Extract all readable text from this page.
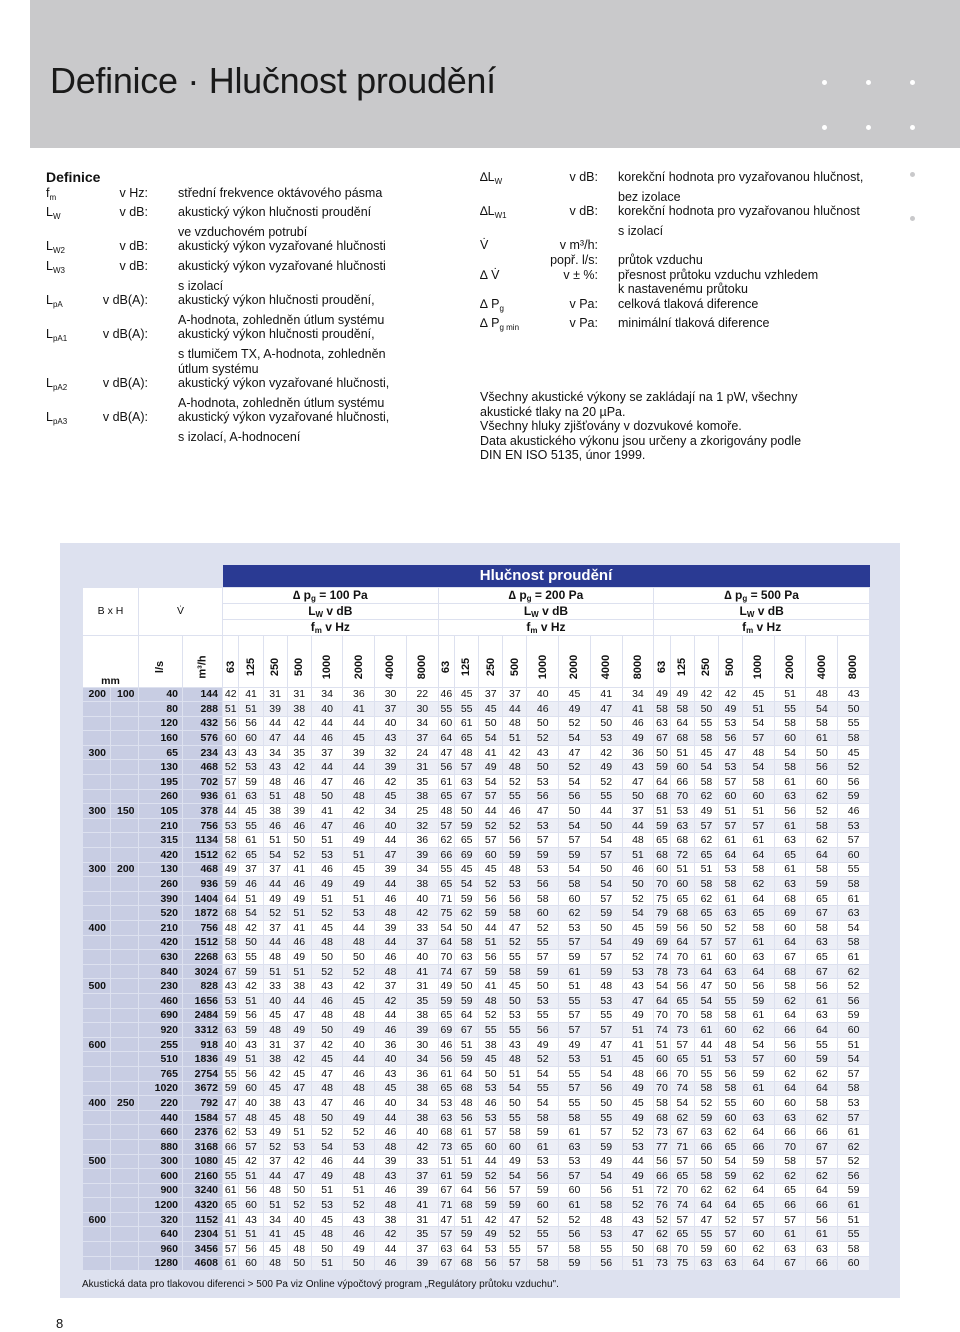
Definice · Hlučnost proudění
Definice
$f_m$	v Hz: střední frekvence oktávového pásma
$L_W$	v dB: akustický výkon hlučnosti proudění
ve vzduchovém potrubí
$L_{W2}$	v dB: akustický výkon vyzařované hlučnosti
$L_{W3}$	v dB: akustický výkon vyzařované hlučnosti
s izolací
$L_{pA}$	v dB(A): akustický výkon hlučnosti proudění,
A-hodnota, zohledněn útlum systému
$L_{pA1}$	v dB(A): akustický výkon hlučnosti proudění,
s tlumičem TX, A-hodnota, zohledněn
útlum systému
$L_{pA2}$	v dB(A): akustický výkon vyzařované hlučnosti,
A-hodnota, zohledněn útlum systému
$L_{pA3}$	v dB(A): akustický výkon vyzařované hlučnosti,
s izolací, A-hodnocení
$\Delta L_W$	v dB: korekční hodnota pro vyzařovanou hlučnost,
bez izolace
$\Delta L_{W1}$	v dB: korekční hodnota pro vyzařovanou hlučnost
s izolací
V̇	v m³/h:
popř. l/s: průtok vzduchu
∆ V̇	v ± %: přesnost průtoku vzduchu vzhledem
k nastavenému průtoku
∆ $P_g$	v Pa: celková tlaková diference
∆ $P_{g min}$	v Pa: minimální tlaková diference
Všechny akustické výkony se zakládají na 1 pW, všechny
akustické tlaky na 20 µPa.
Všechny hluky zjišťovány v dozvukové komoře.
Data akustického výkonu jsou určeny a zkorigovány podle
DIN EN ISO 5135, únor 1999.
				Hlučnost proudění																							
B x H		V̇		∆ $p_g = 100$ Pa								∆ $p_g = 200$ Pa								∆ $p_g = 500$ Pa							
				$L_W$ v dB								$L_W$ v dB								$L_W$ v dB							
				$f_m$ v Hz								$f_m$ v Hz								$f_m$ v Hz							
mm		l/s	m³/h	63	125	250	500	1000	2000	4000	8000	63	125	250	500	1000	2000	4000	8000	63	125	250	500	1000	2000	4000	8000
200	100	40	144	42	41	31	31	34	36	30	22	46	45	37	37	40	45	41	34	49	49	42	42	45	51	48	43
		80	288	51	51	39	38	40	41	37	30	55	55	45	44	46	49	47	41	58	58	50	49	51	55	54	50
		120	432	56	56	44	42	44	44	40	34	60	61	50	48	50	52	50	46	63	64	55	53	54	58	58	55
		160	576	60	60	47	44	46	45	43	37	64	65	54	51	52	54	53	49	67	68	58	56	57	60	61	58
300		65	234	43	43	34	35	37	39	32	24	47	48	41	42	43	47	42	36	50	51	45	47	48	54	50	45
		130	468	52	53	43	42	44	44	39	31	56	57	49	48	50	52	49	43	59	60	54	53	54	58	56	52
		195	702	57	59	48	46	47	46	42	35	61	63	54	52	53	54	52	47	64	66	58	57	58	61	60	56
		260	936	61	63	51	48	50	48	45	38	65	67	57	55	56	56	55	50	68	70	62	60	60	63	62	59
300	150	105	378	44	45	38	39	41	42	34	25	48	50	44	46	47	50	44	37	51	53	49	51	51	56	52	46
		210	756	53	55	46	46	47	46	40	32	57	59	52	52	53	54	50	44	59	63	57	57	57	61	58	53
		315	1134	58	61	51	50	51	49	44	36	62	65	57	56	57	57	54	48	65	68	62	61	61	63	62	57
		420	1512	62	65	54	52	53	51	47	39	66	69	60	59	59	59	57	51	68	72	65	64	64	65	64	60
300	200	130	468	49	37	37	41	46	45	39	34	55	45	45	48	53	54	50	46	60	51	51	53	58	61	58	55
		260	936	59	46	44	46	49	49	44	38	65	54	52	53	56	58	54	50	70	60	58	58	62	63	59	58
		390	1404	64	51	49	49	51	51	46	40	71	59	56	56	58	60	57	52	75	65	62	61	64	68	65	61
		520	1872	68	54	52	51	52	53	48	42	75	62	59	58	60	62	59	54	79	68	65	63	65	69	67	63
400		210	756	48	42	37	41	45	44	39	33	54	50	44	47	52	53	50	45	59	56	50	52	58	60	58	54
		420	1512	58	50	44	46	48	48	44	37	64	58	51	52	55	57	54	49	69	64	57	57	61	64	63	58
		630	2268	63	55	48	49	50	50	46	40	70	63	56	55	57	59	57	52	74	70	61	60	63	67	65	61
		840	3024	67	59	51	51	52	52	48	41	74	67	59	58	59	61	59	53	78	73	64	63	64	68	67	62
500		230	828	43	42	33	38	43	42	37	31	49	50	41	45	50	51	48	43	54	56	47	50	56	58	56	52
		460	1656	53	51	40	44	46	45	42	35	59	59	48	50	53	55	53	47	64	65	54	55	59	62	61	56
		690	2484	59	56	45	47	48	48	44	38	65	64	52	53	55	57	55	49	70	70	58	58	61	64	63	59
		920	3312	63	59	48	49	50	49	46	39	69	67	55	55	56	57	57	51	74	73	61	60	62	66	64	60
600		255	918	40	43	31	37	42	40	36	30	46	51	38	43	49	49	47	41	51	57	44	48	54	56	55	51
		510	1836	49	51	38	42	45	44	40	34	56	59	45	48	52	53	51	45	60	65	51	53	57	60	59	54
		765	2754	55	56	42	45	47	46	43	36	61	64	50	51	54	55	54	48	66	70	55	56	59	62	62	57
		1020	3672	59	60	45	47	48	48	45	38	65	68	53	54	55	57	56	49	70	74	58	58	61	64	64	58
400	250	220	792	47	40	38	43	47	46	40	34	53	48	46	50	54	55	50	45	58	54	52	55	60	60	58	53
		440	1584	57	48	45	48	50	49	44	38	63	56	53	55	58	58	55	49	68	62	59	60	63	63	62	57
		660	2376	62	53	49	51	52	52	46	40	68	61	57	58	59	61	57	52	73	67	63	62	64	66	66	61
		880	3168	66	57	52	53	54	53	48	42	73	65	60	60	61	63	59	53	77	71	66	65	66	70	67	62
500		300	1080	45	42	37	42	46	44	39	33	51	51	44	49	53	53	49	44	56	57	50	54	59	58	57	52
		600	2160	55	51	44	47	49	48	43	37	61	59	52	54	56	57	54	49	66	65	58	59	62	62	62	56
		900	3240	61	56	48	50	51	51	46	39	67	64	56	57	59	60	56	51	72	70	62	62	64	65	64	59
		1200	4320	65	60	51	52	53	52	48	41	71	68	59	59	60	61	58	52	76	74	64	64	65	66	66	61
600		320	1152	41	43	34	40	45	43	38	31	47	51	42	47	52	52	48	43	52	57	47	52	57	57	56	51
		640	2304	51	51	41	45	48	46	42	35	57	59	49	52	55	56	53	47	62	65	55	57	60	61	61	55
		960	3456	57	56	45	48	50	49	44	37	63	64	53	55	57	58	55	50	68	70	59	60	62	63	63	58
		1280	4608	61	60	48	50	51	50	46	39	67	68	56	57	58	59	56	51	73	75	63	63	64	67	66	60
Akustická data pro tlakovou diferenci > 500 Pa viz Online výpočtový program „Regulátory průtoku vzduchu".
8
